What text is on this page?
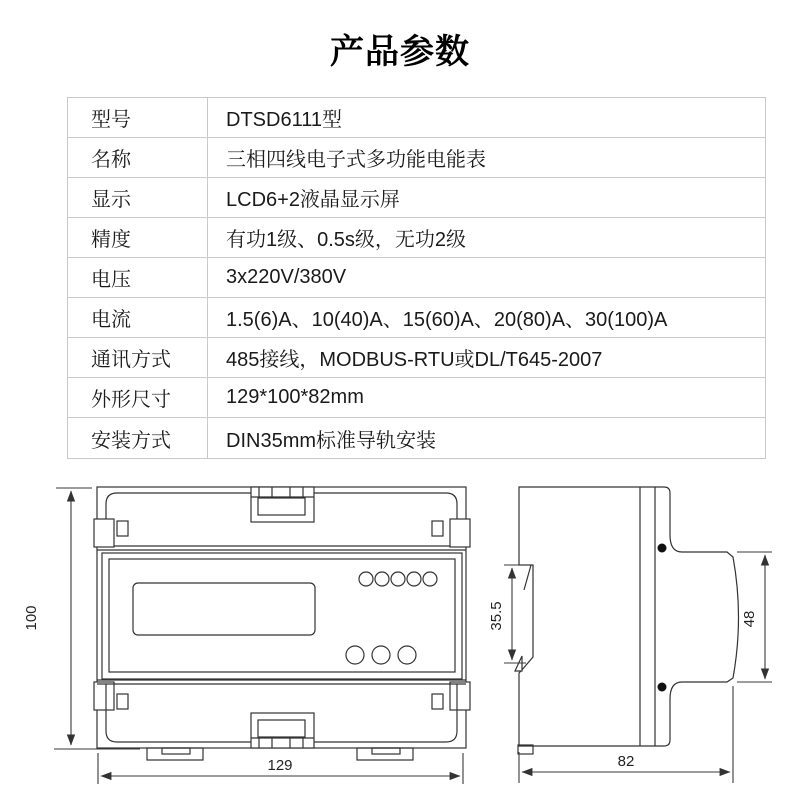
产品参数
型号	DTSD6111型
名称	三相四线电子式多功能电能表
显示	LCD6+2液晶显示屏
精度	有功1级、0.5s级，无功2级
电压	3x220V/380V
电流	1.5(6)A、10(40)A、15(60)A、20(80)A、30(100)A
通讯方式	485接线，MODBUS-RTU或DL/T645-2007
外形尺寸	129*100*82mm
安装方式	DIN35mm标准导轨安装
100
129
35.5	48
82
